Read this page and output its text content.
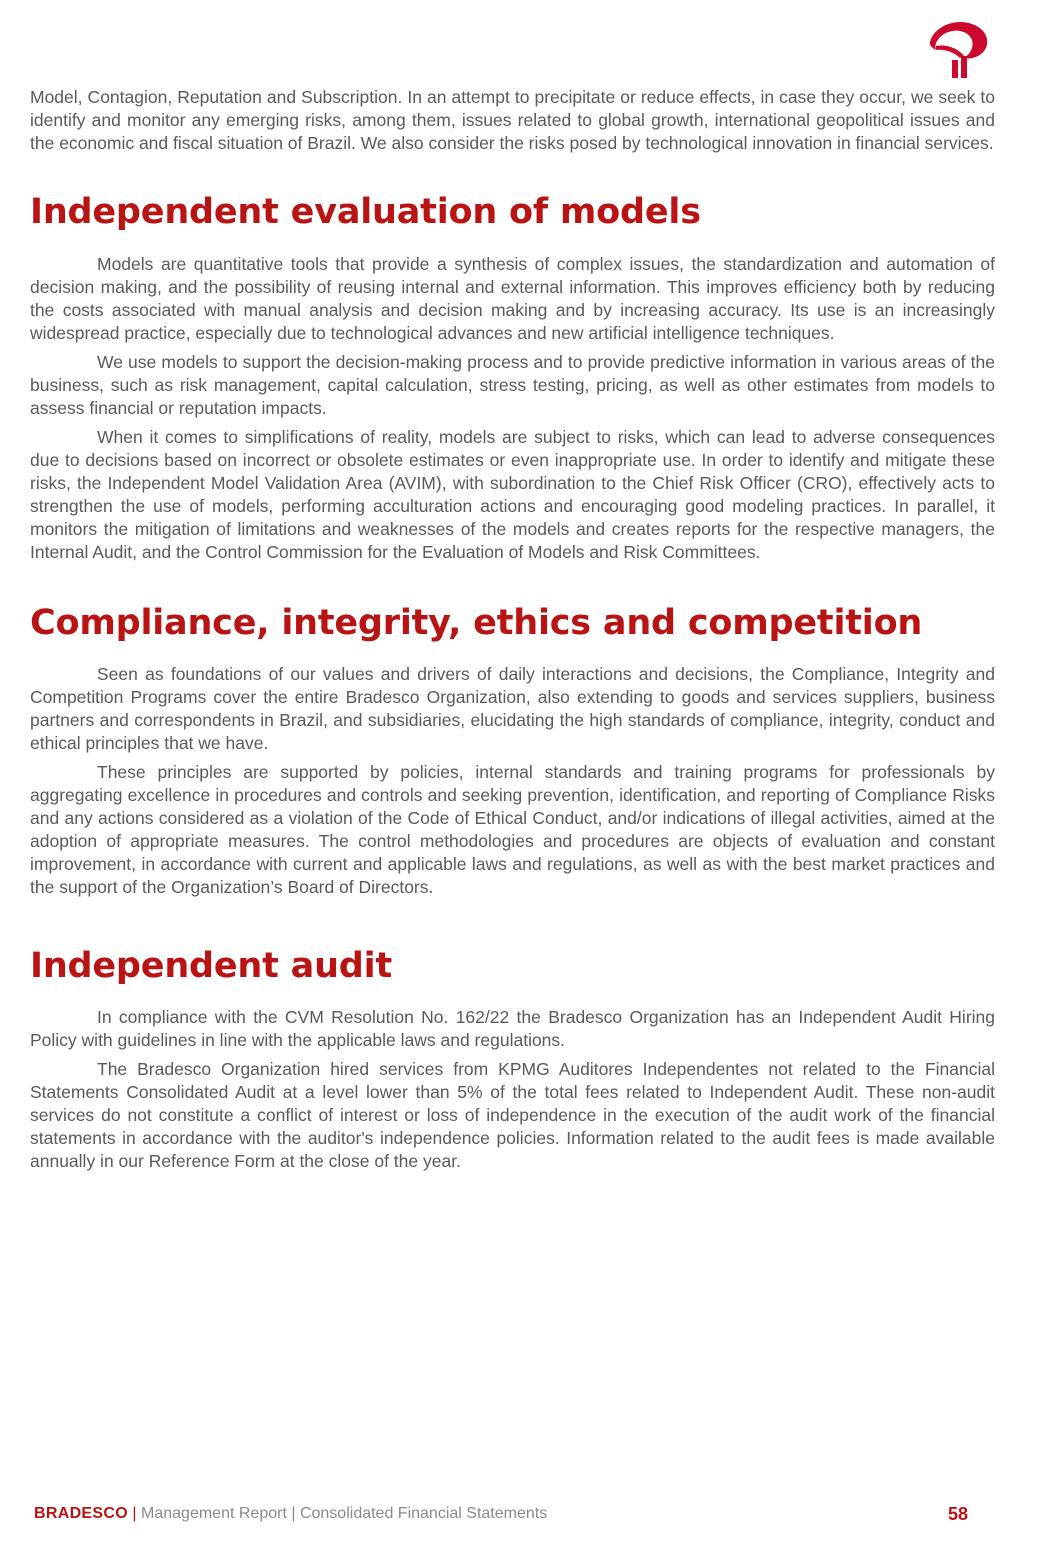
Model, Contagion, Reputation and Subscription. In an attempt to precipitate or reduce effects, in case they occur, we seek to identify and monitor any emerging risks, among them, issues related to global growth, international geopolitical issues and the economic and fiscal situation of Brazil. We also consider the risks posed by technological innovation in financial services.

Independent evaluation of models

Models are quantitative tools that provide a synthesis of complex issues, the standardization and automation of decision making, and the possibility of reusing internal and external information. This improves efficiency both by reducing the costs associated with manual analysis and decision making and by increasing accuracy. Its use is an increasingly widespread practice, especially due to technological advances and new artificial intelligence techniques.

We use models to support the decision-making process and to provide predictive information in various areas of the business, such as risk management, capital calculation, stress testing, pricing, as well as other estimates from models to assess financial or reputation impacts.

When it comes to simplifications of reality, models are subject to risks, which can lead to adverse consequences due to decisions based on incorrect or obsolete estimates or even inappropriate use. In order to identify and mitigate these risks, the Independent Model Validation Area (AVIM), with subordination to the Chief Risk Officer (CRO), effectively acts to strengthen the use of models, performing acculturation actions and encouraging good modeling practices. In parallel, it monitors the mitigation of limitations and weaknesses of the models and creates reports for the respective managers, the Internal Audit, and the Control Commission for the Evaluation of Models and Risk Committees.

Compliance, integrity, ethics and competition

Seen as foundations of our values and drivers of daily interactions and decisions, the Compliance, Integrity and Competition Programs cover the entire Bradesco Organization, also extending to goods and services suppliers, business partners and correspondents in Brazil, and subsidiaries, elucidating the high standards of compliance, integrity, conduct and ethical principles that we have.

These principles are supported by policies, internal standards and training programs for professionals by aggregating excellence in procedures and controls and seeking prevention, identification, and reporting of Compliance Risks and any actions considered as a violation of the Code of Ethical Conduct, and/or indications of illegal activities, aimed at the adoption of appropriate measures. The control methodologies and procedures are objects of evaluation and constant improvement, in accordance with current and applicable laws and regulations, as well as with the best market practices and the support of the Organization’s Board of Directors.

Independent audit

In compliance with the CVM Resolution No. 162/22 the Bradesco Organization has an Independent Audit Hiring Policy with guidelines in line with the applicable laws and regulations.

The Bradesco Organization hired services from KPMG Auditores Independentes not related to the Financial Statements Consolidated Audit at a level lower than 5% of the total fees related to Independent Audit. These non-audit services do not constitute a conflict of interest or loss of independence in the execution of the audit work of the financial statements in accordance with the auditor's independence policies. Information related to the audit fees is made available annually in our Reference Form at the close of the year.

BRADESCO | Management Report | Consolidated Financial Statements	58
